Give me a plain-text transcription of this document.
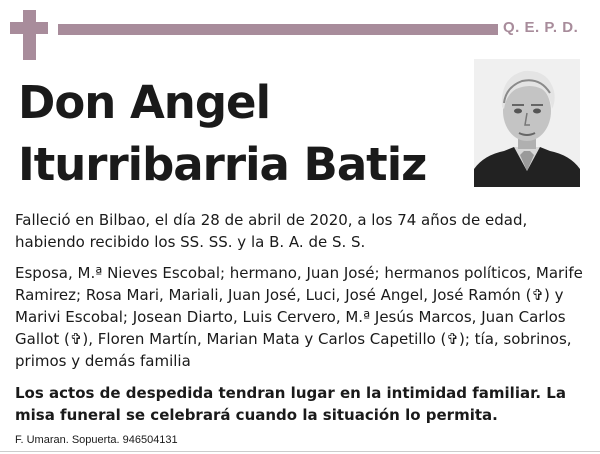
Q. E. P. D.
Don Angel
Iturribarria Batiz
Falleció en Bilbao, el día 28 de abril de 2020, a los 74 años de edad, habiendo recibido los SS. SS. y la B. A. de S. S.
Esposa, M.ª Nieves Escobal; hermano, Juan José; hermanos políticos, Marife Ramirez; Rosa Mari, Mariali, Juan José, Luci, José Angel, José Ramón (✞) y Marivi Escobal; Josean Diarto, Luis Cervero, M.ª Jesús Marcos, Juan Carlos Gallot (✞), Floren Martín, Marian Mata y Carlos Capetillo (✞); tía, sobrinos, primos y demás familia
Los actos de despedida tendran lugar en la intimidad familiar. La misa funeral se celebrará cuando la situación lo permita.
F. Umaran. Sopuerta. 946504131
